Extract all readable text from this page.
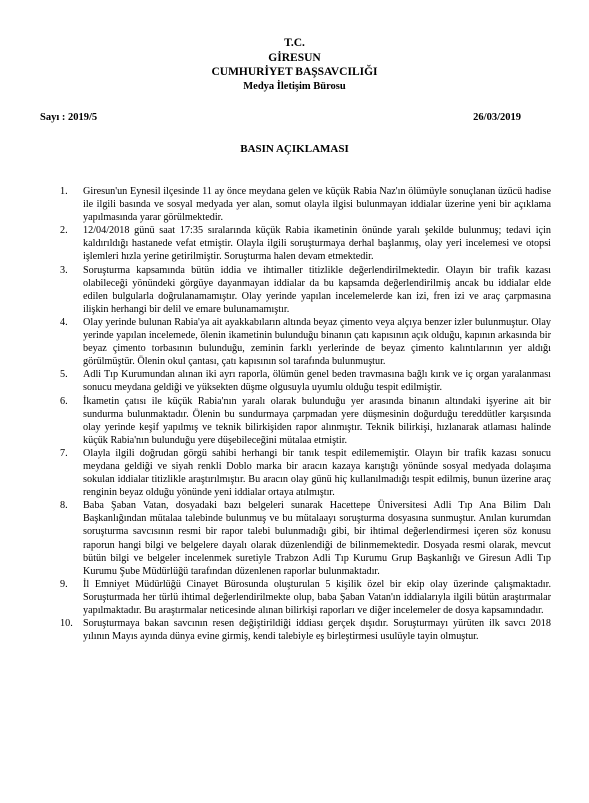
T.C.
GİRESUN
CUMHURİYET BAŞSAVCILIĞI
Medya İletişim Bürosu
Sayı : 2019/5	26/03/2019
BASIN AÇIKLAMASI
1. Giresun'un Eynesil ilçesinde 11 ay önce meydana gelen ve küçük Rabia Naz'ın ölümüyle sonuçlanan üzücü hadise ile ilgili basında ve sosyal medyada yer alan, somut olayla ilgisi bulunmayan iddialar üzerine yeni bir açıklama yapılmasında yarar görülmektedir.
2. 12/04/2018 günü saat 17:35 sıralarında küçük Rabia ikametinin önünde yaralı şekilde bulunmuş; tedavi için kaldırıldığı hastanede vefat etmiştir. Olayla ilgili soruşturmaya derhal başlanmış, olay yeri incelemesi ve otopsi işlemleri hızla yerine getirilmiştir. Soruşturma halen devam etmektedir.
3. Soruşturma kapsamında bütün iddia ve ihtimaller titizlikle değerlendirilmektedir. Olayın bir trafik kazası olabileceği yönündeki görgüye dayanmayan iddialar da bu kapsamda değerlendirilmiş ancak bu iddialar elde edilen bulgularla doğrulanamamıştır. Olay yerinde yapılan incelemelerde kan izi, fren izi ve araç çarpmasına ilişkin herhangi bir delil ve emare bulunamamıştır.
4. Olay yerinde bulunan Rabia'ya ait ayakkabıların altında beyaz çimento veya alçıya benzer izler bulunmuştur. Olay yerinde yapılan incelemede, ölenin ikametinin bulunduğu binanın çatı kapısının açık olduğu, kapının arkasında bir beyaz çimento torbasının bulunduğu, zeminin farklı yerlerinde de beyaz çimento kalıntılarının yer aldığı görülmüştür. Ölenin okul çantası, çatı kapısının sol tarafında bulunmuştur.
5. Adli Tıp Kurumundan alınan iki ayrı raporla, ölümün genel beden travmasına bağlı kırık ve iç organ yaralanması sonucu meydana geldiği ve yüksekten düşme olgusuyla uyumlu olduğu tespit edilmiştir.
6. İkametin çatısı ile küçük Rabia'nın yaralı olarak bulunduğu yer arasında binanın altındaki işyerine ait bir sundurma bulunmaktadır. Ölenin bu sundurmaya çarpmadan yere düşmesinin doğurduğu tereddütler karşısında olay yerinde keşif yapılmış ve teknik bilirkişiden rapor alınmıştır. Teknik bilirkişi, hızlanarak atlaması halinde küçük Rabia'nın bulunduğu yere düşebileceğini mütalaa etmiştir.
7. Olayla ilgili doğrudan görgü sahibi herhangi bir tanık tespit edilememiştir. Olayın bir trafik kazası sonucu meydana geldiği ve siyah renkli Doblo marka bir aracın kazaya karıştığı yönünde sosyal medyada dolaşıma sokulan iddialar titizlikle araştırılmıştır. Bu aracın olay günü hiç kullanılmadığı tespit edilmiş, bunun üzerine araç renginin beyaz olduğu yönünde yeni iddialar ortaya atılmıştır.
8. Baba Şaban Vatan, dosyadaki bazı belgeleri sunarak Hacettepe Üniversitesi Adli Tıp Ana Bilim Dalı Başkanlığından mütalaa talebinde bulunmuş ve bu mütalaayı soruşturma dosyasına sunmuştur. Anılan kurumdan soruşturma savcısının resmi bir rapor talebi bulunmadığı gibi, bir ihtimal değerlendirmesi içeren söz konusu raporun hangi bilgi ve belgelere dayalı olarak düzenlendiği de bilinmemektedir. Dosyada resmi olarak, mevcut bütün bilgi ve belgeler incelenmek suretiyle Trabzon Adli Tıp Kurumu Grup Başkanlığı ve Giresun Adli Tıp Kurumu Şube Müdürlüğü tarafından düzenlenen raporlar bulunmaktadır.
9. İl Emniyet Müdürlüğü Cinayet Bürosunda oluşturulan 5 kişilik özel bir ekip olay üzerinde çalışmaktadır. Soruşturmada her türlü ihtimal değerlendirilmekte olup, baba Şaban Vatan'ın iddialarıyla ilgili bütün araştırmalar yapılmaktadır. Bu araştırmalar neticesinde alınan bilirkişi raporları ve diğer incelemeler de dosya kapsamındadır.
10. Soruşturmaya bakan savcının resen değiştirildiği iddiası gerçek dışıdır. Soruşturmayı yürüten ilk savcı 2018 yılının Mayıs ayında dünya evine girmiş, kendi talebiyle eş birleştirmesi usulüyle tayin olmuştur.
